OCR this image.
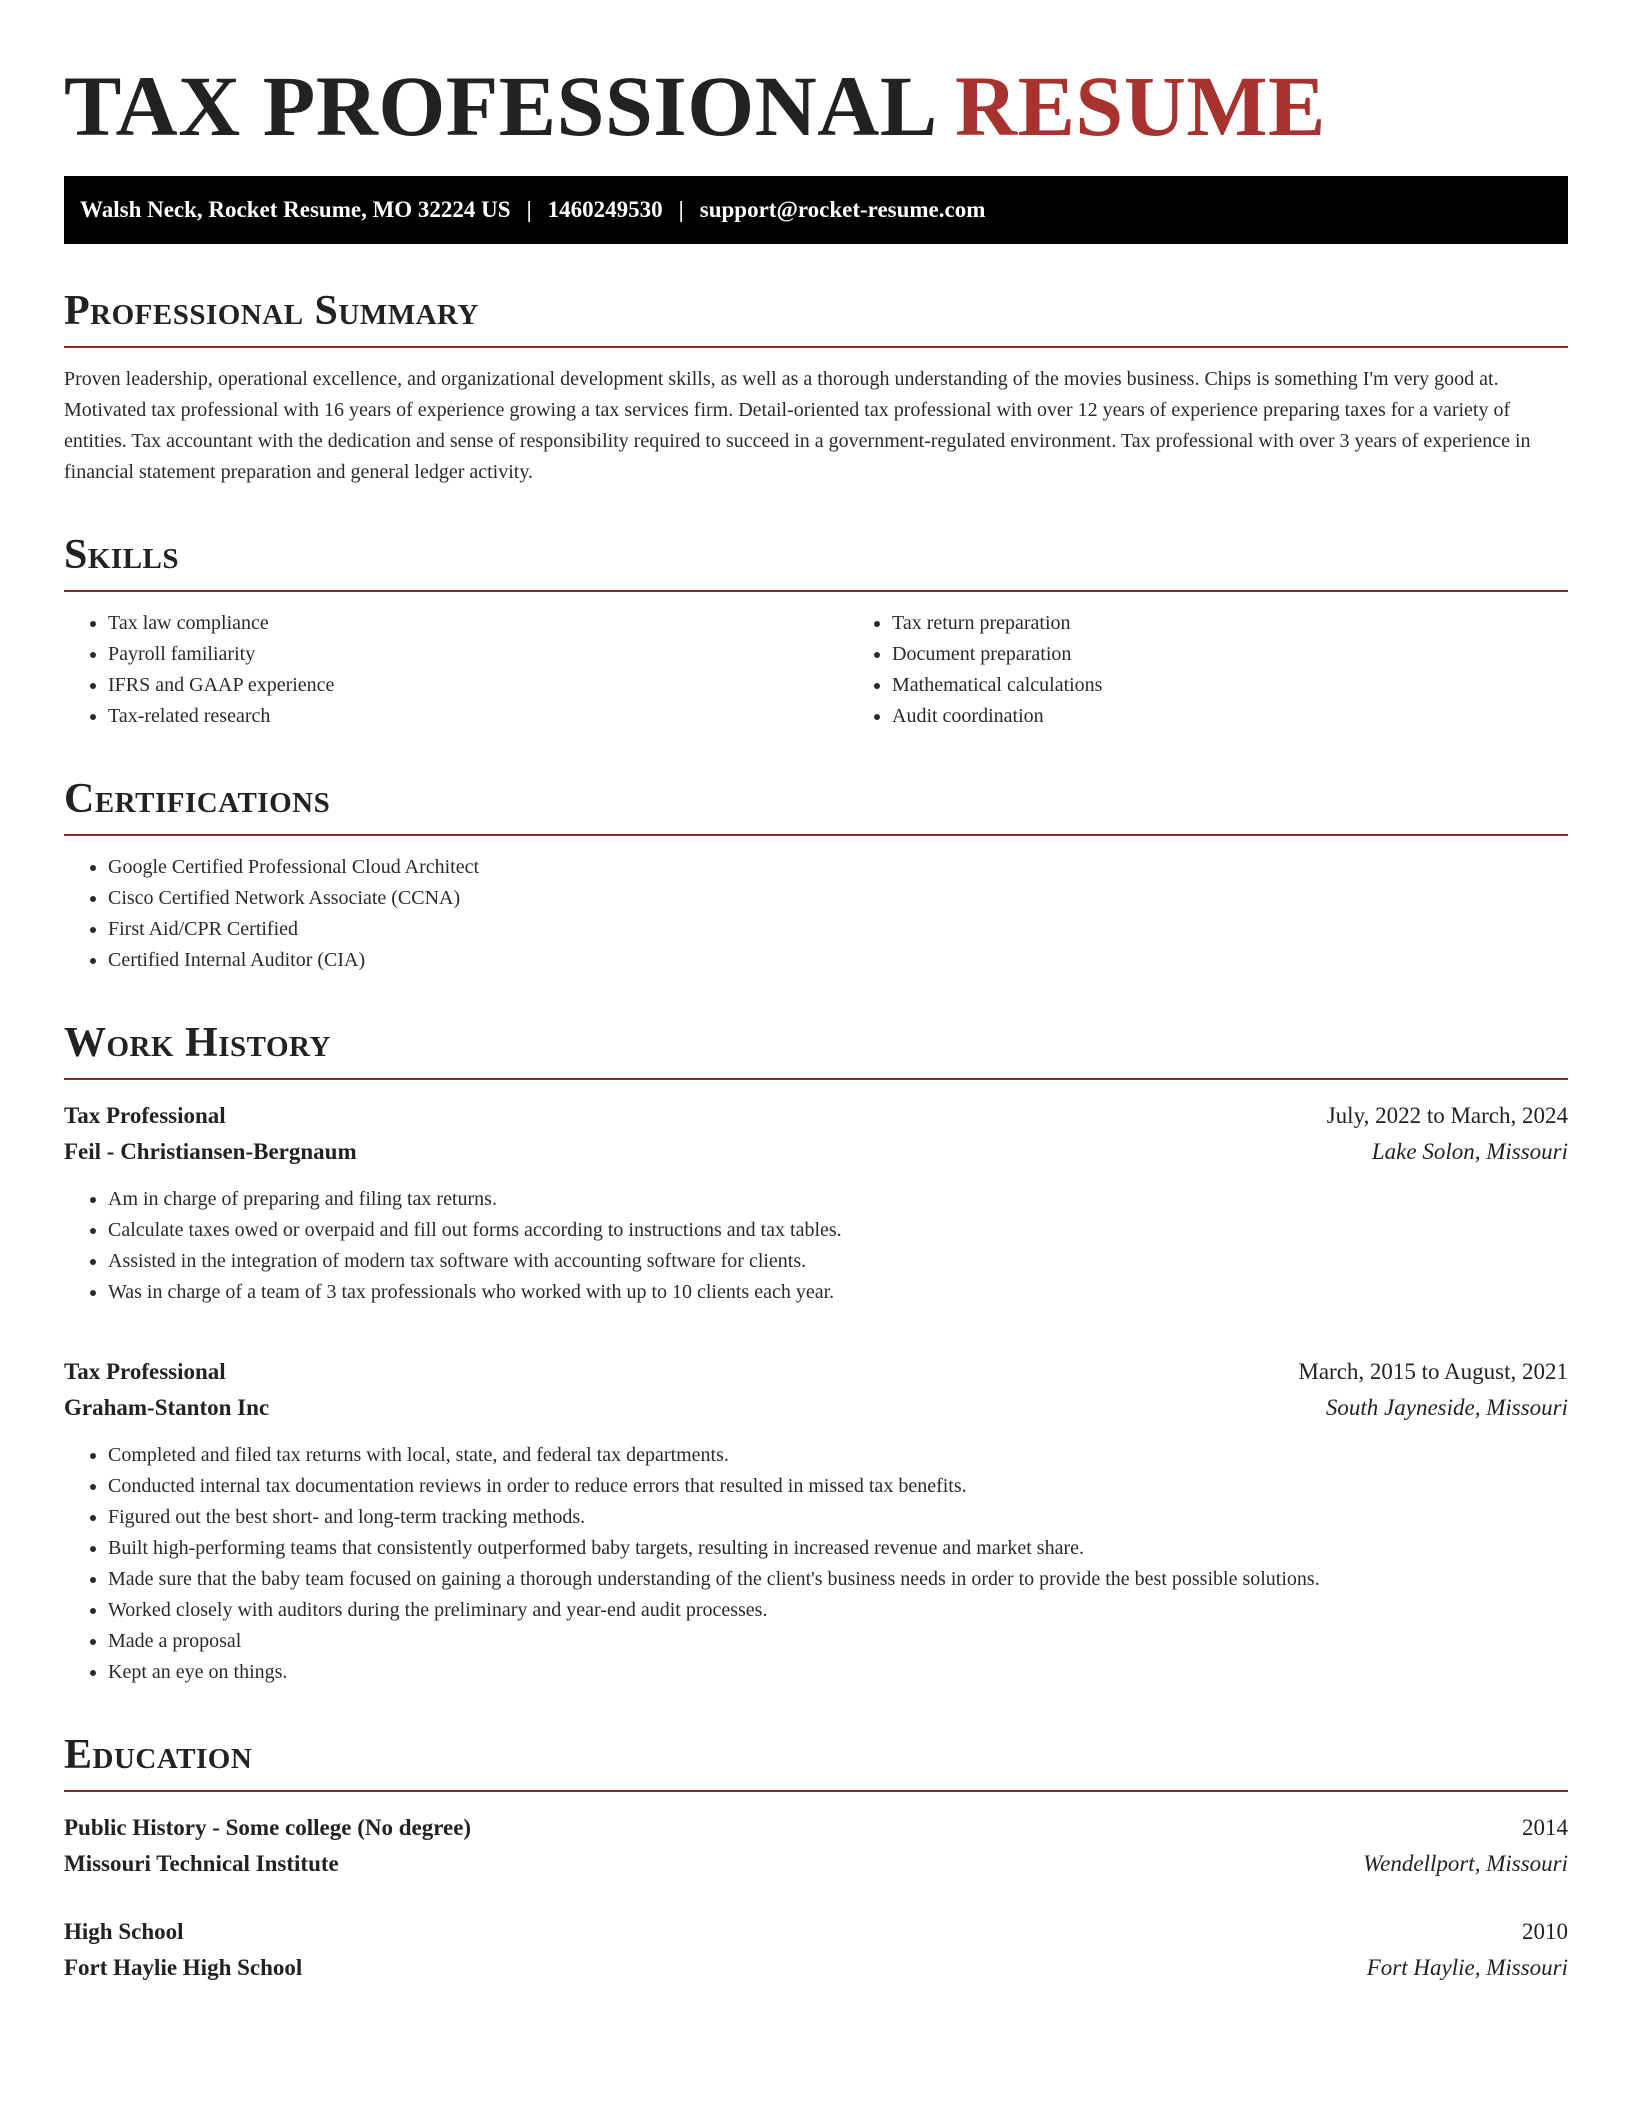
TAX PROFESSIONAL RESUME
Walsh Neck, Rocket Resume, MO 32224 US | 1460249530 | support@rocket-resume.com
Professional Summary

Proven leadership, operational excellence, and organizational development skills, as well as a thorough understanding of the movies business. Chips is something I'm very good at. Motivated tax professional with 16 years of experience growing a tax services firm. Detail-oriented tax professional with over 12 years of experience preparing taxes for a variety of entities. Tax accountant with the dedication and sense of responsibility required to succeed in a government-regulated environment. Tax professional with over 3 years of experience in financial statement preparation and general ledger activity.

Skills
• Tax law compliance
• Payroll familiarity
• IFRS and GAAP experience
• Tax-related research
• Tax return preparation
• Document preparation
• Mathematical calculations
• Audit coordination
Certifications
• Google Certified Professional Cloud Architect
• Cisco Certified Network Associate (CCNA)
• First Aid/CPR Certified
• Certified Internal Auditor (CIA)
Work History
Tax Professional	July, 2022 to March, 2024
Feil - Christiansen-Bergnaum	Lake Solon, Missouri
• Am in charge of preparing and filing tax returns.
• Calculate taxes owed or overpaid and fill out forms according to instructions and tax tables.
• Assisted in the integration of modern tax software with accounting software for clients.
• Was in charge of a team of 3 tax professionals who worked with up to 10 clients each year.
Tax Professional	March, 2015 to August, 2021
Graham-Stanton Inc	South Jayneside, Missouri
• Completed and filed tax returns with local, state, and federal tax departments.
• Conducted internal tax documentation reviews in order to reduce errors that resulted in missed tax benefits.
• Figured out the best short- and long-term tracking methods.
• Built high-performing teams that consistently outperformed baby targets, resulting in increased revenue and market share.
• Made sure that the baby team focused on gaining a thorough understanding of the client's business needs in order to provide the best possible solutions.
• Worked closely with auditors during the preliminary and year-end audit processes.
• Made a proposal
• Kept an eye on things.
Education
Public History - Some college (No degree)	2014
Missouri Technical Institute	Wendellport, Missouri
High School	2010
Fort Haylie High School	Fort Haylie, Missouri
